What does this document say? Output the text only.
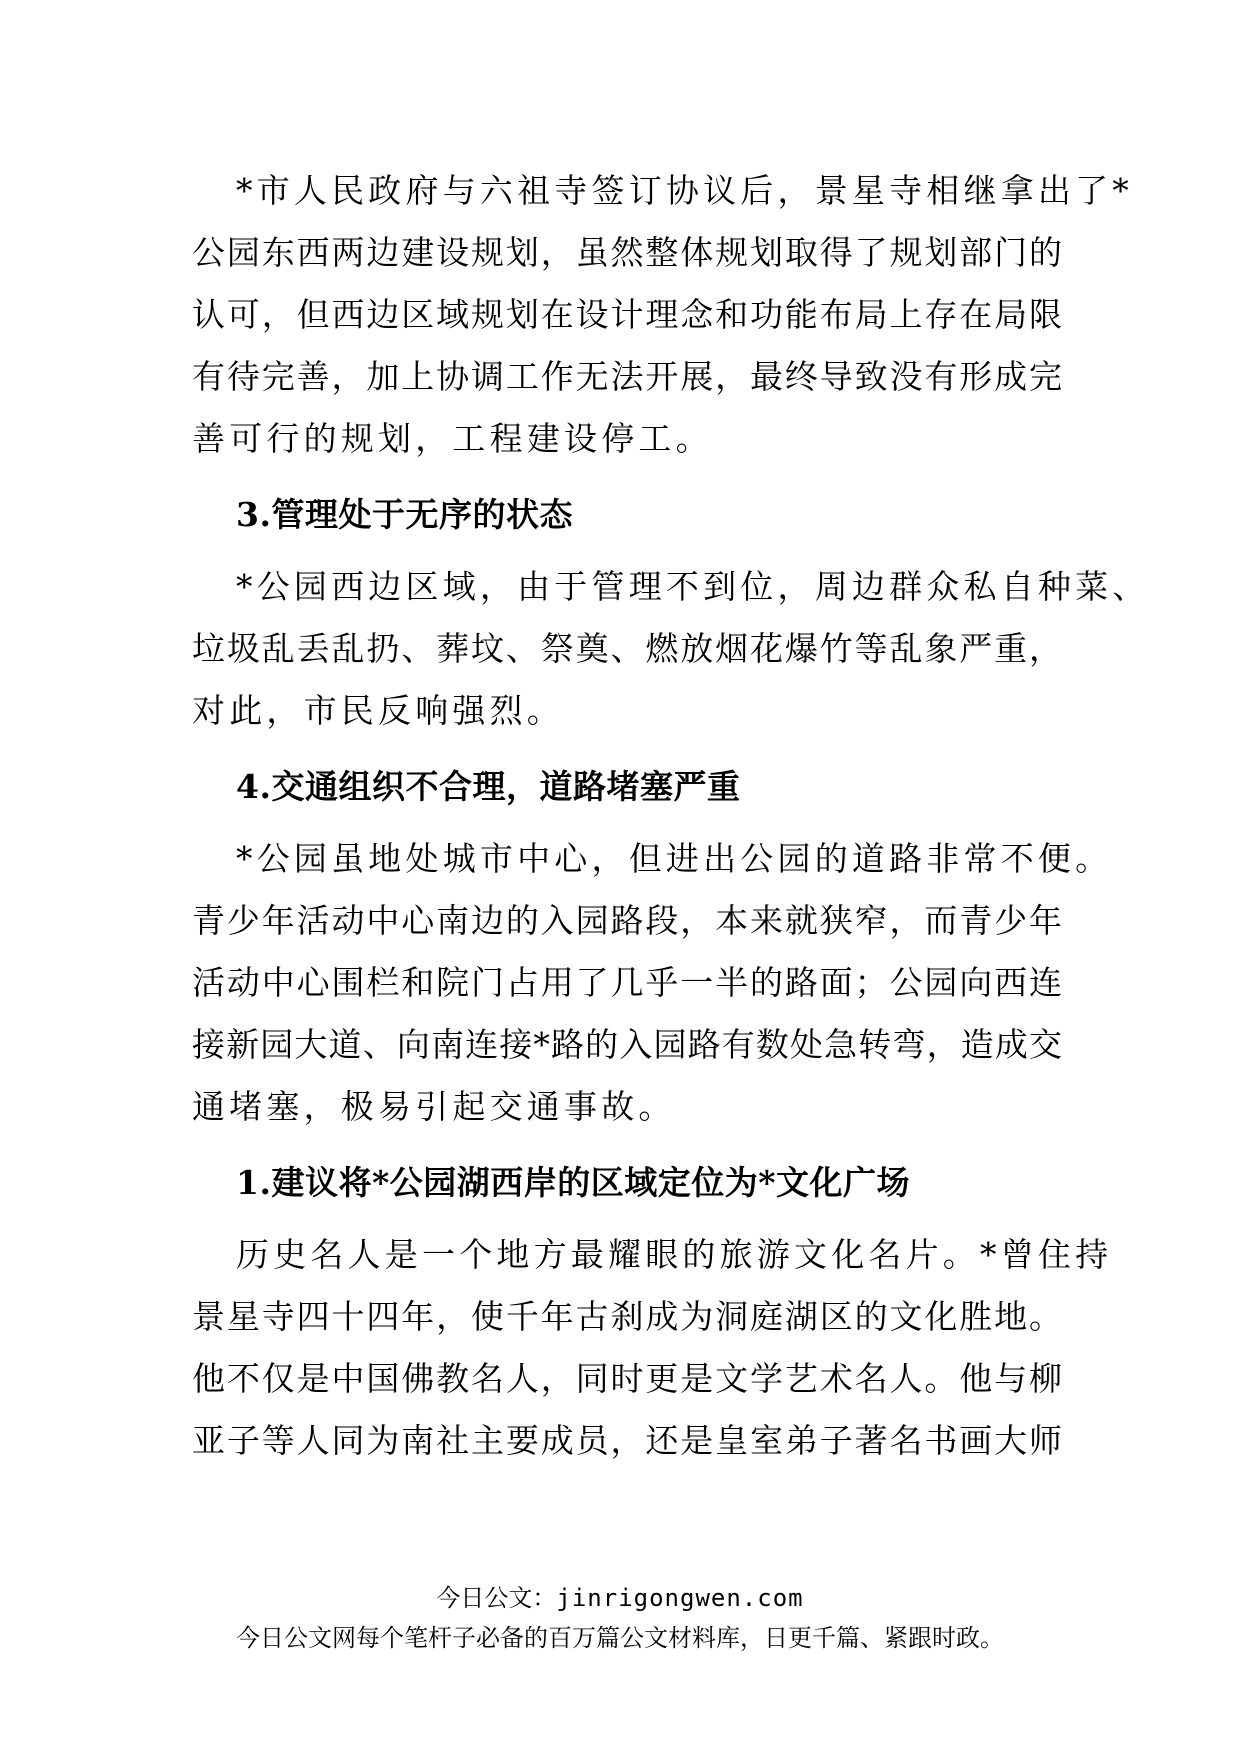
*市人民政府与六祖寺签订协议后，景星寺相继拿出了*
公园东西两边建设规划，虽然整体规划取得了规划部门的
认可，但西边区域规划在设计理念和功能布局上存在局限
有待完善，加上协调工作无法开展，最终导致没有形成完
善可行的规划，工程建设停工。
3.管理处于无序的状态
*公园西边区域，由于管理不到位，周边群众私自种菜、
垃圾乱丢乱扔、葬坟、祭奠、燃放烟花爆竹等乱象严重，
对此，市民反响强烈。
4.交通组织不合理，道路堵塞严重
*公园虽地处城市中心，但进出公园的道路非常不便。
青少年活动中心南边的入园路段，本来就狭窄，而青少年
活动中心围栏和院门占用了几乎一半的路面；公园向西连
接新园大道、向南连接*路的入园路有数处急转弯，造成交
通堵塞，极易引起交通事故。
1.建议将*公园湖西岸的区域定位为*文化广场
历史名人是一个地方最耀眼的旅游文化名片。*曾住持
景星寺四十四年，使千年古刹成为洞庭湖区的文化胜地。
他不仅是中国佛教名人，同时更是文学艺术名人。他与柳
亚子等人同为南社主要成员，还是皇室弟子著名书画大师
今日公文：jinrigongwen.com
今日公文网每个笔杆子必备的百万篇公文材料库，日更千篇、紧跟时政。
